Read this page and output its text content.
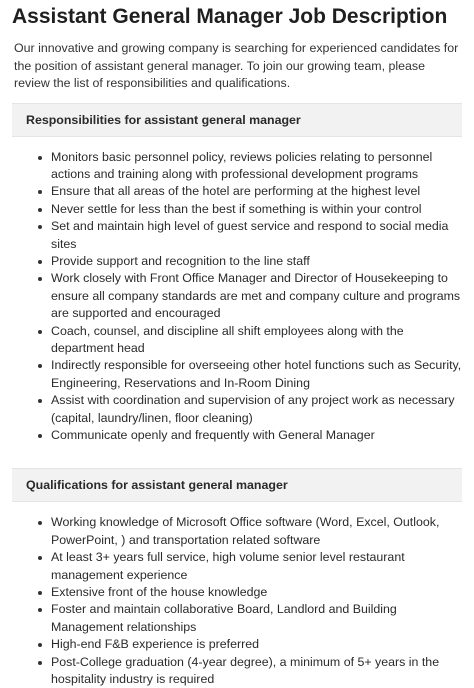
Assistant General Manager Job Description

Our innovative and growing company is searching for experienced candidates for the position of assistant general manager. To join our growing team, please review the list of responsibilities and qualifications.

Responsibilities for assistant general manager
Monitors basic personnel policy, reviews policies relating to personnel actions and training along with professional development programs
Ensure that all areas of the hotel are performing at the highest level
Never settle for less than the best if something is within your control
Set and maintain high level of guest service and respond to social media sites
Provide support and recognition to the line staff
Work closely with Front Office Manager and Director of Housekeeping to ensure all company standards are met and company culture and programs are supported and encouraged
Coach, counsel, and discipline all shift employees along with the department head
Indirectly responsible for overseeing other hotel functions such as Security, Engineering, Reservations and In-Room Dining
Assist with coordination and supervision of any project work as necessary (capital, laundry/linen, floor cleaning)
Communicate openly and frequently with General Manager
Qualifications for assistant general manager
Working knowledge of Microsoft Office software (Word, Excel, Outlook, PowerPoint, ) and transportation related software
At least 3+ years full service, high volume senior level restaurant management experience
Extensive front of the house knowledge
Foster and maintain collaborative Board, Landlord and Building Management relationships
High-end F&B experience is preferred
Post-College graduation (4-year degree), a minimum of 5+ years in the hospitality industry is required
